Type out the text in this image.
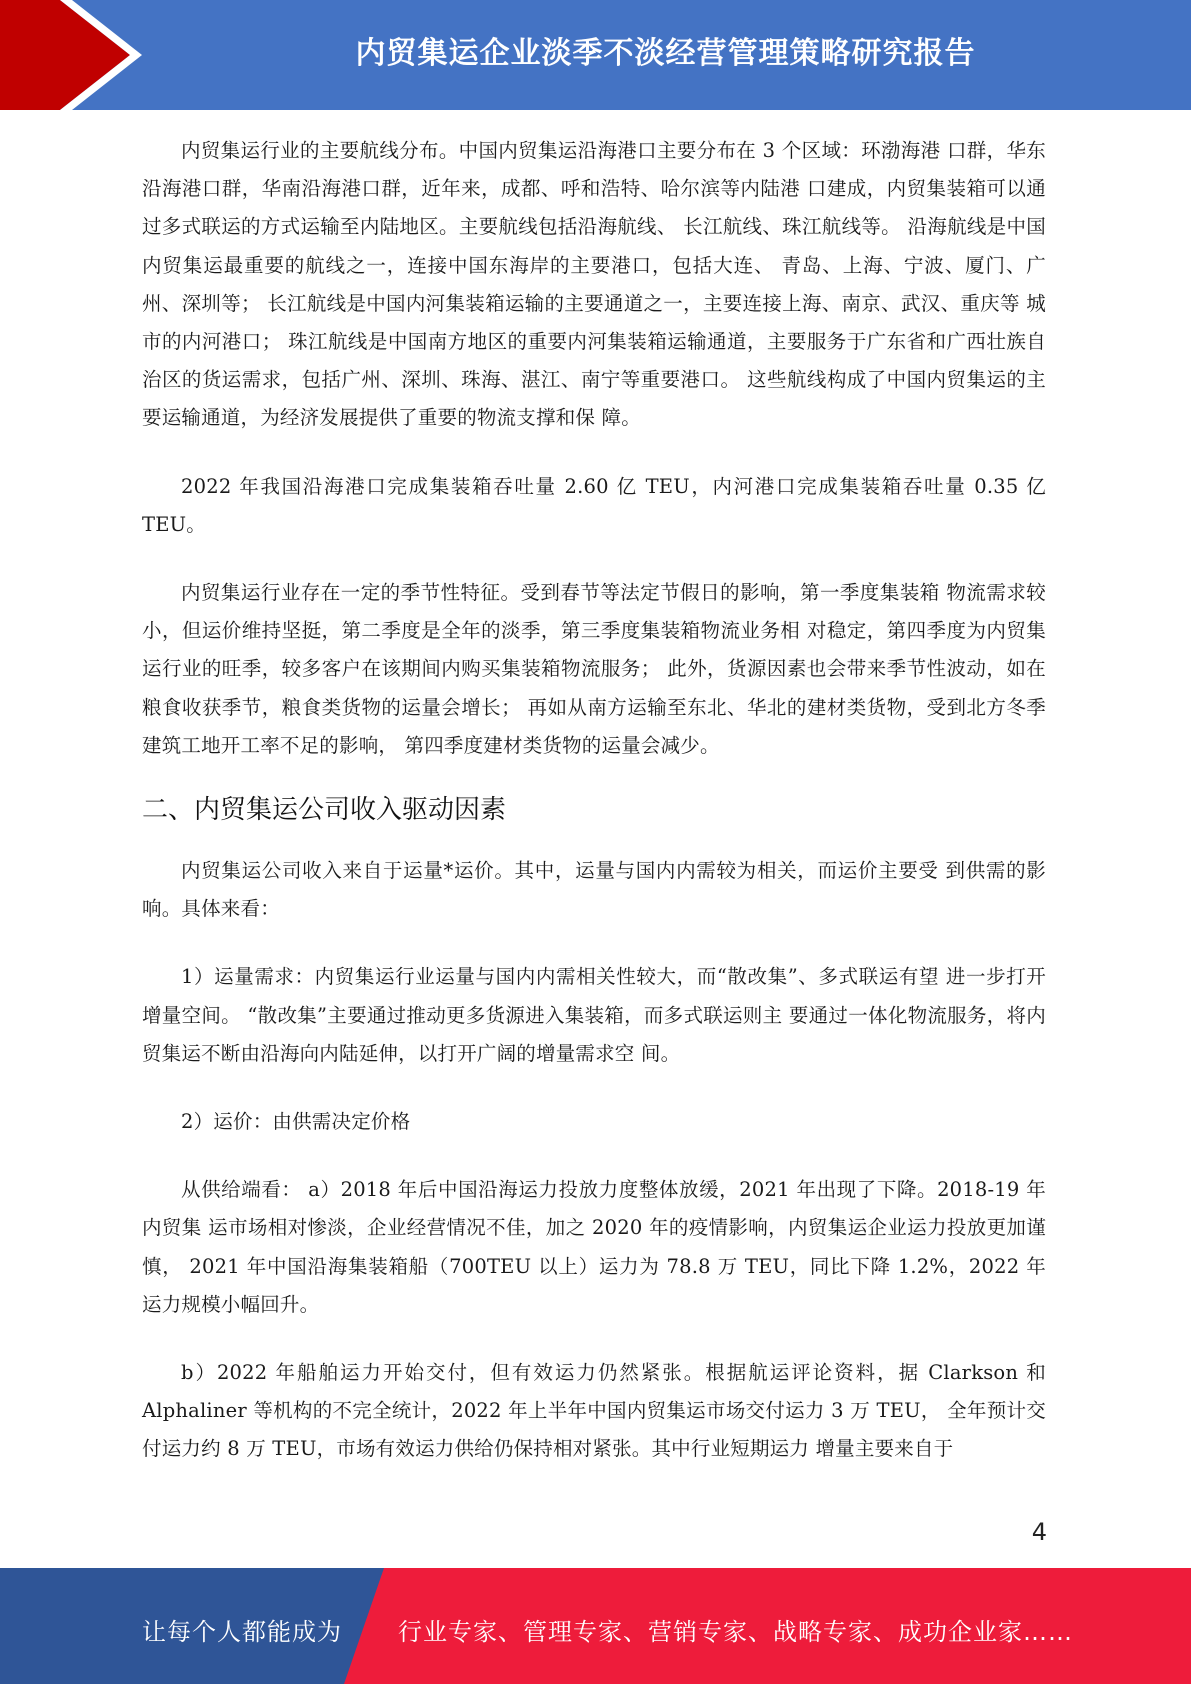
内贸集运企业淡季不淡经营管理策略研究报告

内贸集运行业的主要航线分布。中国内贸集运沿海港口主要分布在 3 个区域：环渤海港 口群，华东沿海港口群，华南沿海港口群，近年来，成都、呼和浩特、哈尔滨等内陆港 口建成，内贸集装箱可以通过多式联运的方式运输至内陆地区。主要航线包括沿海航线、 长江航线、珠江航线等。 沿海航线是中国内贸集运最重要的航线之一，连接中国东海岸的主要港口，包括大连、 青岛、上海、宁波、厦门、广州、深圳等； 长江航线是中国内河集装箱运输的主要通道之一，主要连接上海、南京、武汉、重庆等 城市的内河港口； 珠江航线是中国南方地区的重要内河集装箱运输通道，主要服务于广东省和广西壮族自 治区的货运需求，包括广州、深圳、珠海、湛江、南宁等重要港口。 这些航线构成了中国内贸集运的主要运输通道，为经济发展提供了重要的物流支撑和保 障。

2022 年我国沿海港口完成集装箱吞吐量 2.60 亿 TEU，内河港口完成集装箱吞吐量 0.35 亿 TEU。

内贸集运行业存在一定的季节性特征。受到春节等法定节假日的影响，第一季度集装箱 物流需求较小，但运价维持坚挺，第二季度是全年的淡季，第三季度集装箱物流业务相 对稳定，第四季度为内贸集运行业的旺季，较多客户在该期间内购买集装箱物流服务； 此外，货源因素也会带来季节性波动，如在粮食收获季节，粮食类货物的运量会增长； 再如从南方运输至东北、华北的建材类货物，受到北方冬季建筑工地开工率不足的影响， 第四季度建材类货物的运量会减少。

二、内贸集运公司收入驱动因素

内贸集运公司收入来自于运量*运价。其中，运量与国内内需较为相关，而运价主要受 到供需的影响。具体来看：

1）运量需求：内贸集运行业运量与国内内需相关性较大，而“散改集”、多式联运有望 进一步打开增量空间。 “散改集”主要通过推动更多货源进入集装箱，而多式联运则主 要通过一体化物流服务，将内贸集运不断由沿海向内陆延伸，以打开广阔的增量需求空 间。

2）运价：由供需决定价格

从供给端看： a）2018 年后中国沿海运力投放力度整体放缓，2021 年出现了下降。2018-19 年内贸集 运市场相对惨淡，企业经营情况不佳，加之 2020 年的疫情影响，内贸集运企业运力投放更加谨慎， 2021 年中国沿海集装箱船（700TEU 以上）运力为 78.8 万 TEU，同比下降 1.2%，2022 年运力规模小幅回升。

b）2022 年船舶运力开始交付，但有效运力仍然紧张。根据航运评论资料，据 Clarkson 和 Alphaliner 等机构的不完全统计，2022 年上半年中国内贸集运市场交付运力 3 万 TEU， 全年预计交付运力约 8 万 TEU，市场有效运力供给仍保持相对紧张。其中行业短期运力 增量主要来自于

4
让每个人都能成为 行业专家、管理专家、营销专家、战略专家、成功企业家……
